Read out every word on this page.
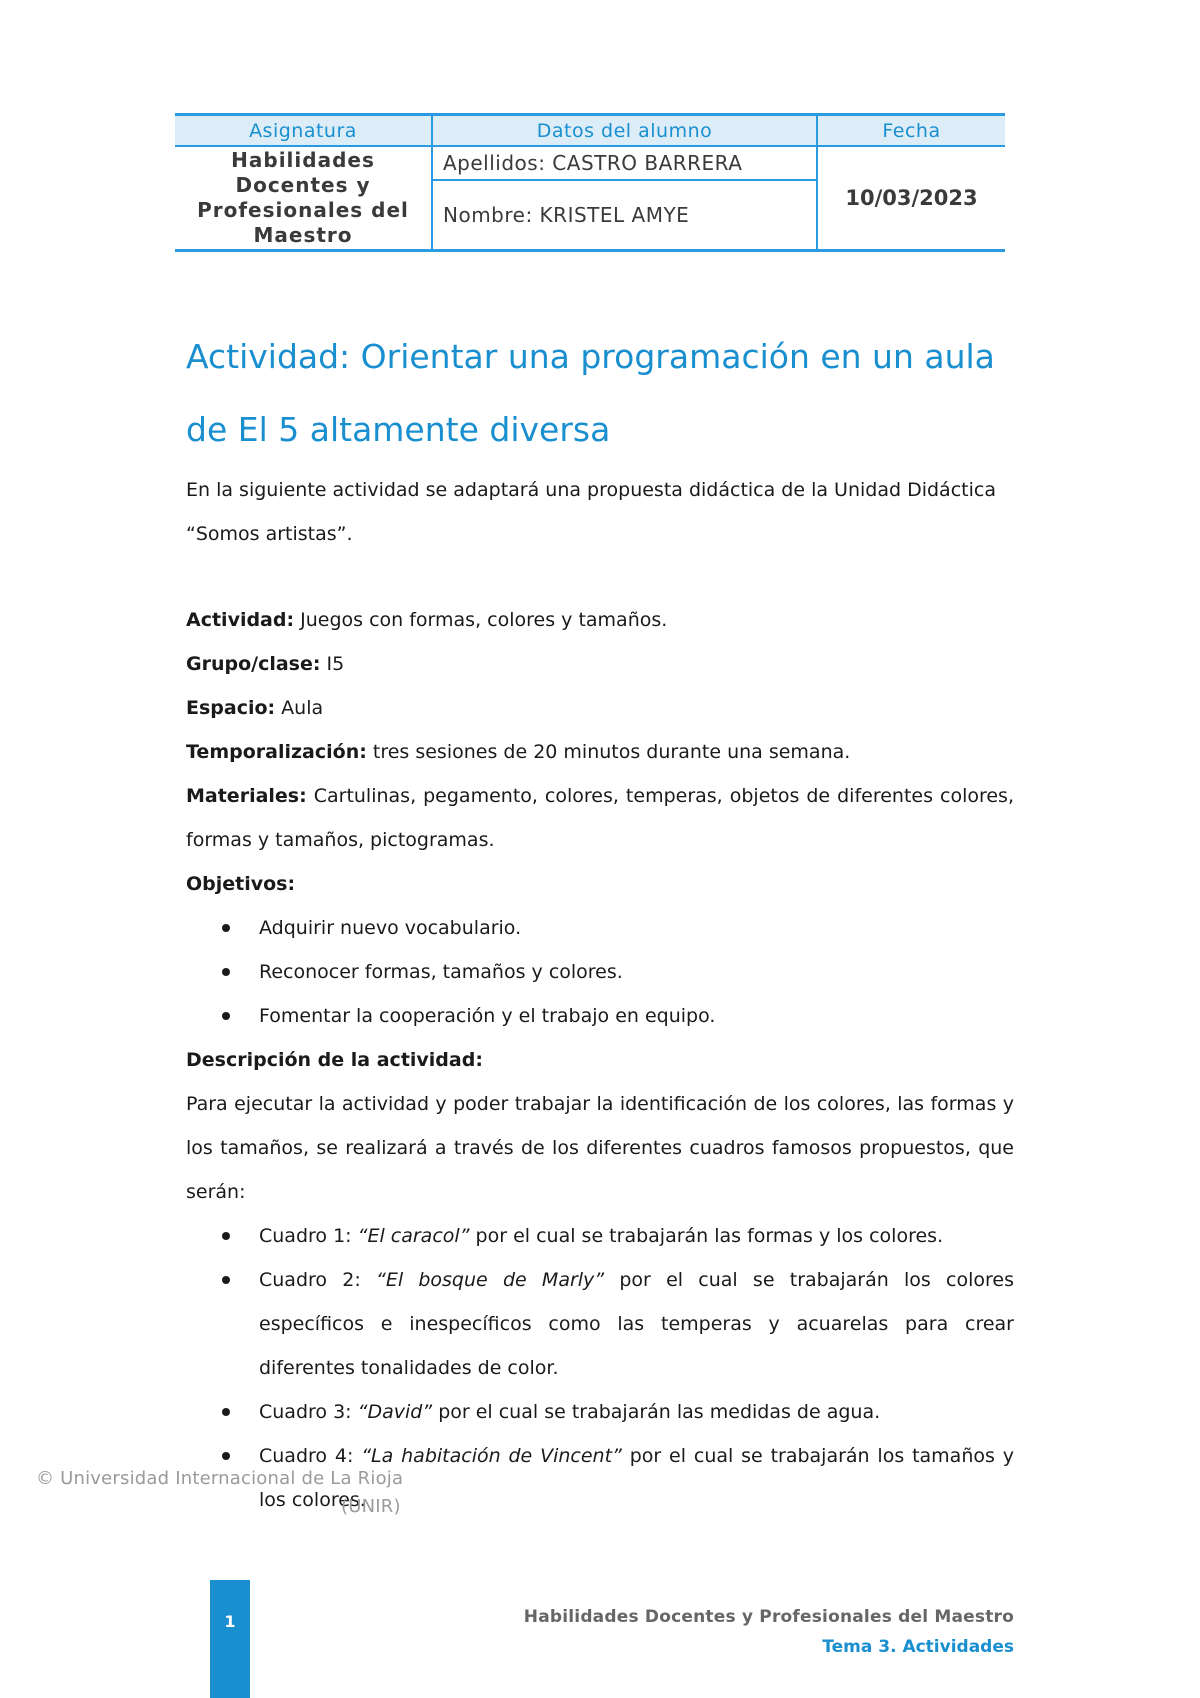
Asignatura	Datos del alumno	Fecha
Habilidades Docentes y Profesionales del Maestro	Apellidos: CASTRO BARRERA	10/03/2023
	Nombre: KRISTEL AMYE	
Actividad: Orientar una programación en un aula
de El 5 altamente diversa

En la siguiente actividad se adaptará una propuesta didáctica de la Unidad Didáctica
“Somos artistas”.

Actividad: Juegos con formas, colores y tamaños.

Grupo/clase: I5

Espacio: Aula

Temporalización: tres sesiones de 20 minutos durante una semana.

Materiales: Cartulinas, pegamento, colores, temperas, objetos de diferentes colores, formas y tamaños, pictogramas.

Objetivos:

Adquirir nuevo vocabulario.
Reconocer formas, tamaños y colores.
Fomentar la cooperación y el trabajo en equipo.

Descripción de la actividad:

Para ejecutar la actividad y poder trabajar la identificación de los colores, las formas y los tamaños, se realizará a través de los diferentes cuadros famosos propuestos, que serán:

Cuadro 1: “El caracol” por el cual se trabajarán las formas y los colores.
Cuadro 2: “El bosque de Marly” por el cual se trabajarán los colores específicos e inespecíficos como las temperas y acuarelas para crear diferentes tonalidades de color.
Cuadro 3: “David” por el cual se trabajarán las medidas de agua.
Cuadro 4: “La habitación de Vincent” por el cual se trabajarán los tamaños y los colores.
© Universidad Internacional de La Rioja
(UNIR)
1	Habilidades Docentes y Profesionales del Maestro
Tema 3. Actividades
